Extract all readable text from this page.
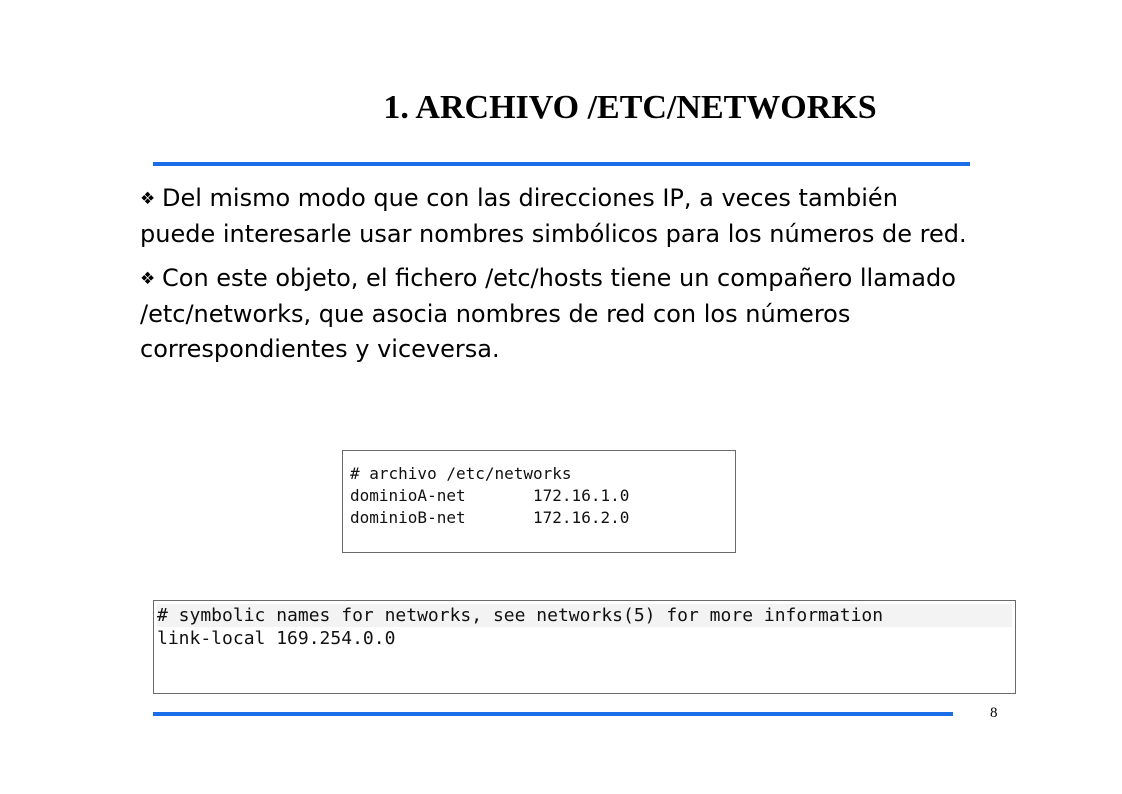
1. ARCHIVO /ETC/NETWORKS

❖ Del mismo modo que con las direcciones IP, a veces también puede interesarle usar nombres simbólicos para los números de red.

❖ Con este objeto, el fichero /etc/hosts tiene un compañero llamado /etc/networks, que asocia nombres de red con los números correspondientes y viceversa.

# archivo /etc/networks
dominioA-net       172.16.1.0
dominioB-net       172.16.2.0
# symbolic names for networks, see networks(5) for more information
link-local 169.254.0.0
8
